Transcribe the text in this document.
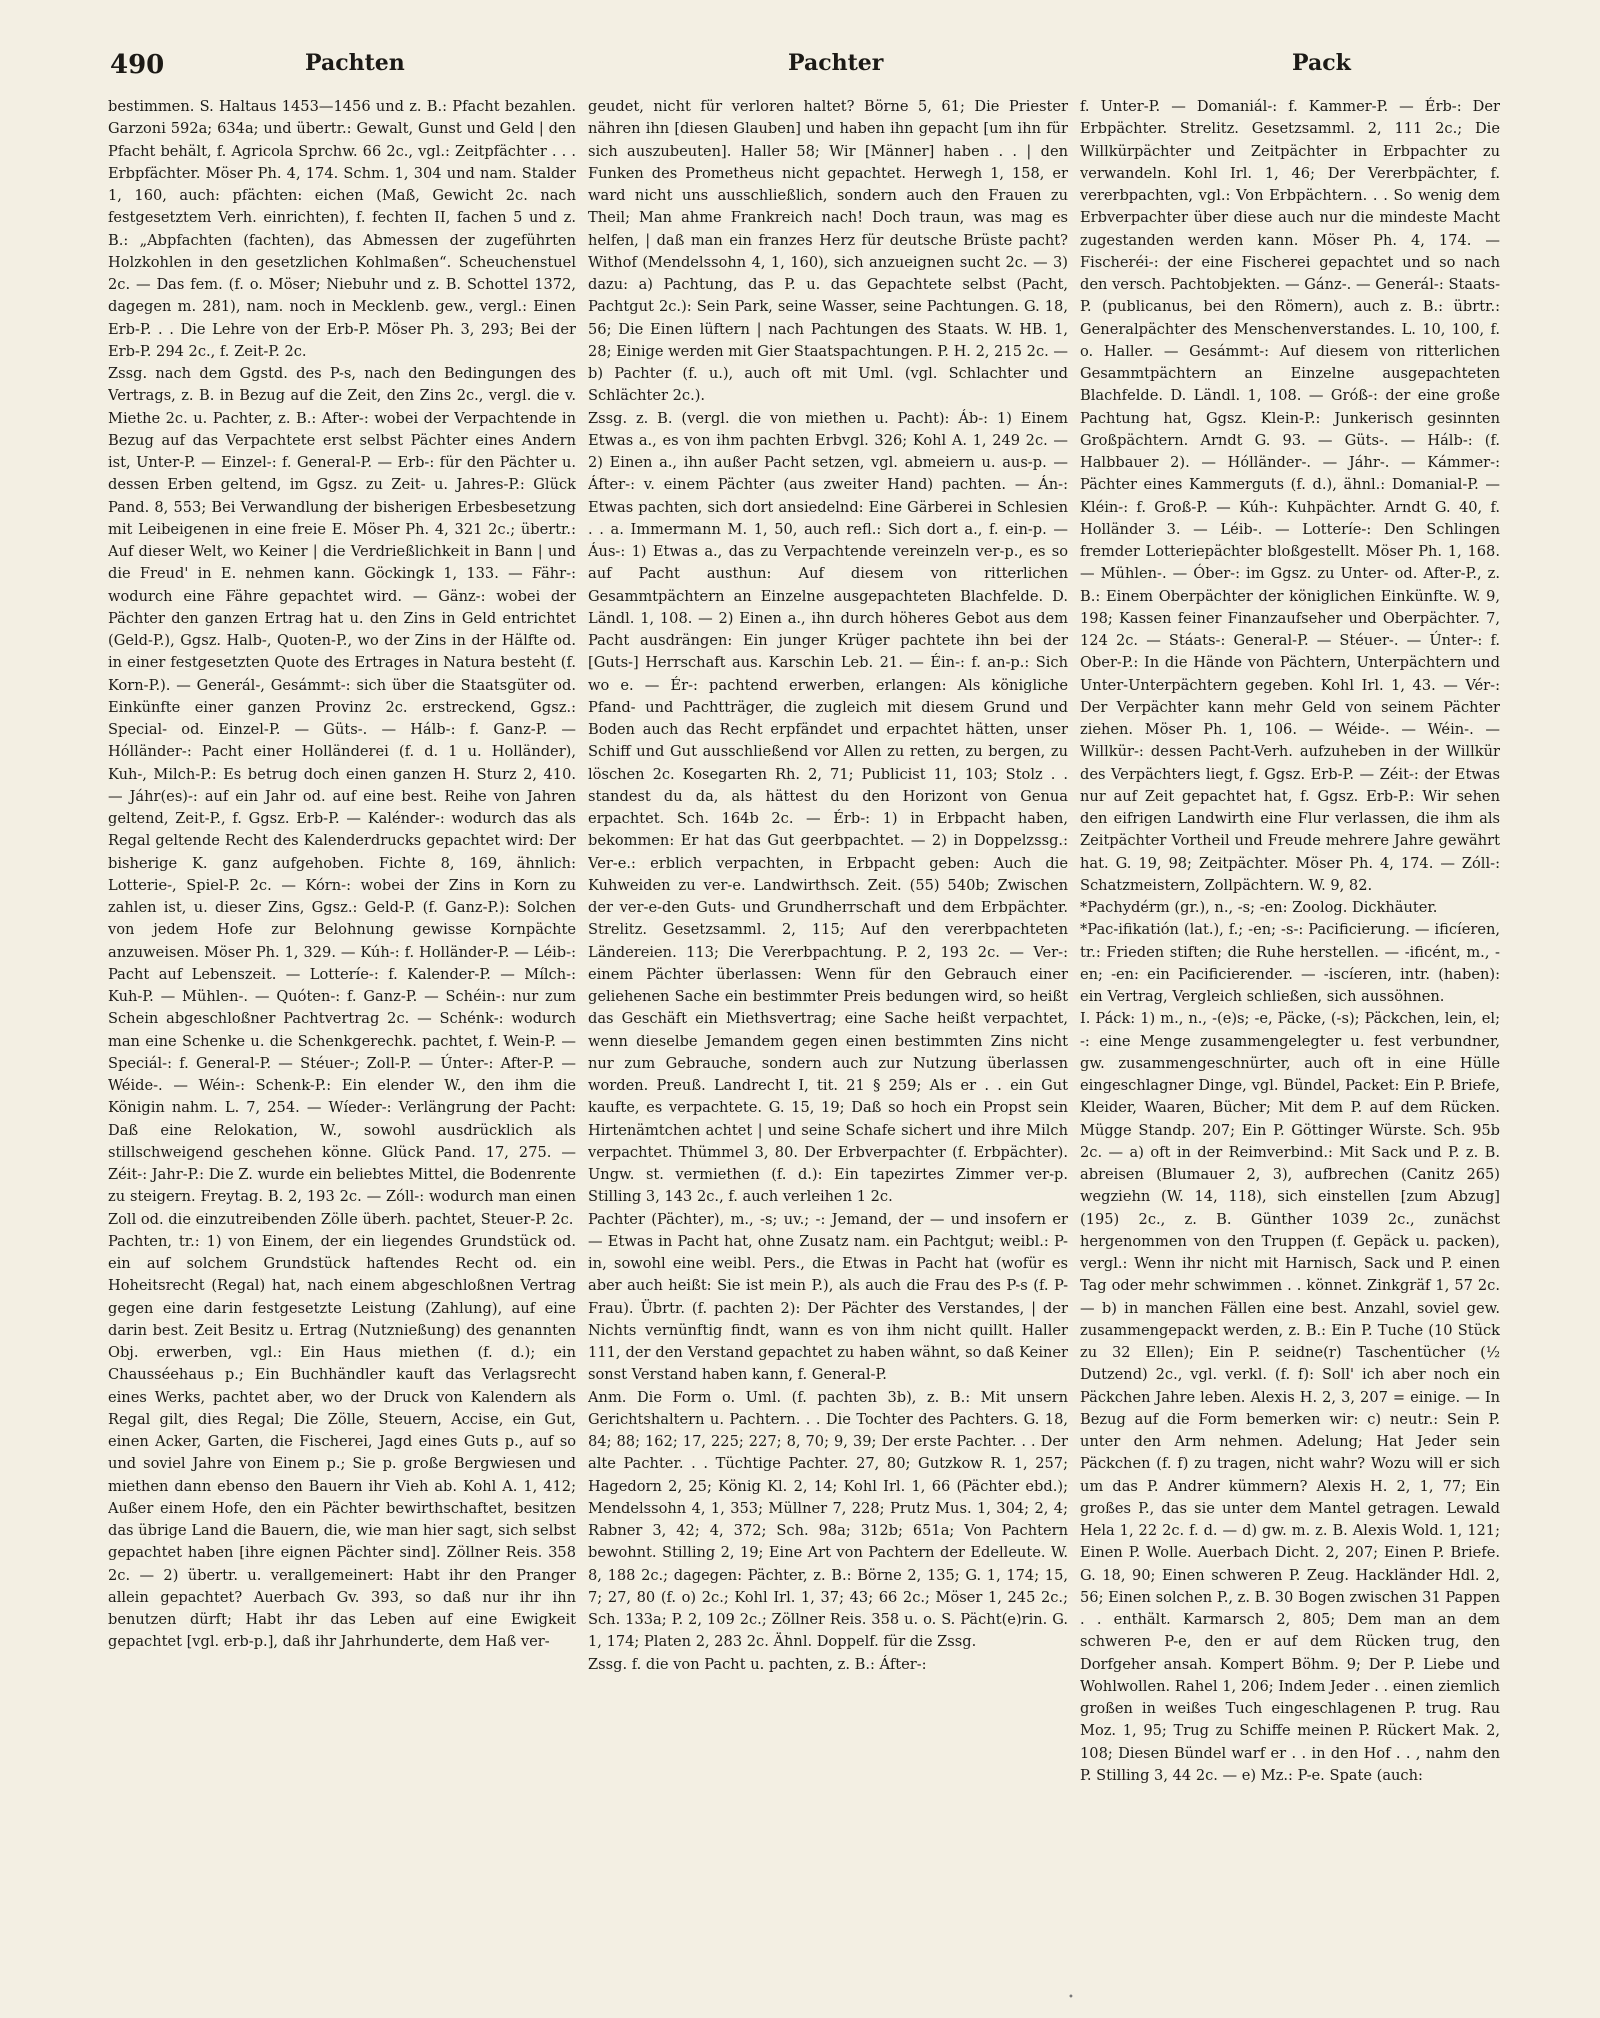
490	Pachten	Pachter	Pack

bestimmen. S. Haltaus 1453—1456 und z. B.: Pfacht bezahlen. Garzoni 592a; 634a; und übertr.: Gewalt, Gunst und Geld | den Pfacht behält, f. Agricola Sprchw. 66 2c., vgl.: Zeitpfächter . . . Erbpfächter. Möser Ph. 4, 174. Schm. 1, 304 und nam. Stalder 1, 160, auch: pfächten: eichen (Maß, Gewicht 2c. nach festgesetztem Verh. einrichten), f. fechten II, fachen 5 und z. B.: „Abpfachten (fachten), das Abmessen der zugeführten Holzkohlen in den gesetzlichen Kohlmaßen“. Scheuchenstuel 2c. — Das fem. (f. o. Möser; Niebuhr und z. B. Schottel 1372, dagegen m. 281), nam. noch in Mecklenb. gew., vergl.: Einen Erb-P. . . Die Lehre von der Erb-P. Möser Ph. 3, 293; Bei der Erb-P. 294 2c., f. Zeit-P. 2c.

Zssg. nach dem Ggstd. des P-s, nach den Bedingungen des Vertrags, z. B. in Bezug auf die Zeit, den Zins 2c., vergl. die v. Miethe 2c. u. Pachter, z. B.: After-: wobei der Verpachtende in Bezug auf das Verpachtete erst selbst Pächter eines Andern ist, Unter-P. — Einzel-: f. General-P. — Erb-: für den Pächter u. dessen Erben geltend, im Ggsz. zu Zeit- u. Jahres-P.: Glück Pand. 8, 553; Bei Verwandlung der bisherigen Erbesbesetzung mit Leibeigenen in eine freie E. Möser Ph. 4, 321 2c.; übertr.: Auf dieser Welt, wo Keiner | die Verdrießlichkeit in Bann | und die Freud' in E. nehmen kann. Göckingk 1, 133. — Fähr-: wodurch eine Fähre gepachtet wird. — Gänz-: wobei der Pächter den ganzen Ertrag hat u. den Zins in Geld entrichtet (Geld-P.), Ggsz. Halb-, Quoten-P., wo der Zins in der Hälfte od. in einer festgesetzten Quote des Ertrages in Natura besteht (f. Korn-P.). — Generál-, Gesámmt-: sich über die Staatsgüter od. Einkünfte einer ganzen Provinz 2c. erstreckend, Ggsz.: Special- od. Einzel-P. — Güts-. — Hálb-: f. Ganz-P. — Hólländer-: Pacht einer Holländerei (f. d. 1 u. Holländer), Kuh-, Milch-P.: Es betrug doch einen ganzen H. Sturz 2, 410. — Jáhr(es)-: auf ein Jahr od. auf eine best. Reihe von Jahren geltend, Zeit-P., f. Ggsz. Erb-P. — Kalénder-: wodurch das als Regal geltende Recht des Kalenderdrucks gepachtet wird: Der bisherige K. ganz aufgehoben. Fichte 8, 169, ähnlich: Lotterie-, Spiel-P. 2c. — Kórn-: wobei der Zins in Korn zu zahlen ist, u. dieser Zins, Ggsz.: Geld-P. (f. Ganz-P.): Solchen von jedem Hofe zur Belohnung gewisse Kornpächte anzuweisen. Möser Ph. 1, 329. — Kúh-: f. Holländer-P. — Léib-: Pacht auf Lebenszeit. — Lotteríe-: f. Kalender-P. — Mílch-: Kuh-P. — Mühlen-. — Quóten-: f. Ganz-P. — Schéin-: nur zum Schein abgeschloßner Pachtvertrag 2c. — Schénk-: wodurch man eine Schenke u. die Schenkgerechk. pachtet, f. Wein-P. — Speciál-: f. General-P. — Stéuer-; Zoll-P. — Únter-: After-P. — Wéide-. — Wéin-: Schenk-P.: Ein elender W., den ihm die Königin nahm. L. 7, 254. — Wíeder-: Verlängrung der Pacht: Daß eine Relokation, W., sowohl ausdrücklich als stillschweigend geschehen könne. Glück Pand. 17, 275. — Zéit-: Jahr-P.: Die Z. wurde ein beliebtes Mittel, die Bodenrente zu steigern. Freytag. B. 2, 193 2c. — Zóll-: wodurch man einen Zoll od. die einzutreibenden Zölle überh. pachtet, Steuer-P. 2c.

Pachten, tr.: 1) von Einem, der ein liegendes Grundstück od. ein auf solchem Grundstück haftendes Recht od. ein Hoheitsrecht (Regal) hat, nach einem abgeschloßnen Vertrag gegen eine darin festgesetzte Leistung (Zahlung), auf eine darin best. Zeit Besitz u. Ertrag (Nutznießung) des genannten Obj. erwerben, vgl.: Ein Haus miethen (f. d.); ein Chausséehaus p.; Ein Buchhändler kauft das Verlagsrecht eines Werks, pachtet aber, wo der Druck von Kalendern als Regal gilt, dies Regal; Die Zölle, Steuern, Accise, ein Gut, einen Acker, Garten, die Fischerei, Jagd eines Guts p., auf so und soviel Jahre von Einem p.; Sie p. große Bergwiesen und miethen dann ebenso den Bauern ihr Vieh ab. Kohl A. 1, 412; Außer einem Hofe, den ein Pächter bewirthschaftet, besitzen das übrige Land die Bauern, die, wie man hier sagt, sich selbst gepachtet haben [ihre eignen Pächter sind]. Zöllner Reis. 358 2c. — 2) übertr. u. verallgemeinert: Habt ihr den Pranger allein gepachtet? Auerbach Gv. 393, so daß nur ihr ihn benutzen dürft; Habt ihr das Leben auf eine Ewigkeit gepachtet [vgl. erb-p.], daß ihr Jahrhunderte, dem Haß ver-

geudet, nicht für verloren haltet? Börne 5, 61; Die Priester nähren ihn [diesen Glauben] und haben ihn gepacht [um ihn für sich auszubeuten]. Haller 58; Wir [Männer] haben . . | den Funken des Prometheus nicht gepachtet. Herwegh 1, 158, er ward nicht uns ausschließlich, sondern auch den Frauen zu Theil; Man ahme Frankreich nach! Doch traun, was mag es helfen, | daß man ein franzes Herz für deutsche Brüste pacht? Withof (Mendelssohn 4, 1, 160), sich anzueignen sucht 2c. — 3) dazu: a) Pachtung, das P. u. das Gepachtete selbst (Pacht, Pachtgut 2c.): Sein Park, seine Wasser, seine Pachtungen. G. 18, 56; Die Einen lüftern | nach Pachtungen des Staats. W. HB. 1, 28; Einige werden mit Gier Staatspachtungen. P. H. 2, 215 2c. — b) Pachter (f. u.), auch oft mit Uml. (vgl. Schlachter und Schlächter 2c.).

Zssg. z. B. (vergl. die von miethen u. Pacht): Áb-: 1) Einem Etwas a., es von ihm pachten Erbvgl. 326; Kohl A. 1, 249 2c. — 2) Einen a., ihn außer Pacht setzen, vgl. abmeiern u. aus-p. — Áfter-: v. einem Pächter (aus zweiter Hand) pachten. — Án-: Etwas pachten, sich dort ansiedelnd: Eine Gärberei in Schlesien . . a. Immermann M. 1, 50, auch refl.: Sich dort a., f. ein-p. — Áus-: 1) Etwas a., das zu Verpachtende vereinzeln ver-p., es so auf Pacht austhun: Auf diesem von ritterlichen Gesammtpächtern an Einzelne ausgepachteten Blachfelde. D. Ländl. 1, 108. — 2) Einen a., ihn durch höheres Gebot aus dem Pacht ausdrängen: Ein junger Krüger pachtete ihn bei der [Guts-] Herrschaft aus. Karschin Leb. 21. — Éin-: f. an-p.: Sich wo e. — Ér-: pachtend erwerben, erlangen: Als königliche Pfand- und Pachtträger, die zugleich mit diesem Grund und Boden auch das Recht erpfändet und erpachtet hätten, unser Schiff und Gut ausschließend vor Allen zu retten, zu bergen, zu löschen 2c. Kosegarten Rh. 2, 71; Publicist 11, 103; Stolz . . standest du da, als hättest du den Horizont von Genua erpachtet. Sch. 164b 2c. — Érb-: 1) in Erbpacht haben, bekommen: Er hat das Gut geerbpachtet. — 2) in Doppelzssg.: Ver-e.: erblich verpachten, in Erbpacht geben: Auch die Kuhweiden zu ver-e. Landwirthsch. Zeit. (55) 540b; Zwischen der ver-e-den Guts- und Grundherrschaft und dem Erbpächter. Strelitz. Gesetzsamml. 2, 115; Auf den vererbpachteten Ländereien. 113; Die Vererbpachtung. P. 2, 193 2c. — Ver-: einem Pächter überlassen: Wenn für den Gebrauch einer geliehenen Sache ein bestimmter Preis bedungen wird, so heißt das Geschäft ein Miethsvertrag; eine Sache heißt verpachtet, wenn dieselbe Jemandem gegen einen bestimmten Zins nicht nur zum Gebrauche, sondern auch zur Nutzung überlassen worden. Preuß. Landrecht I, tit. 21 § 259; Als er . . ein Gut kaufte, es verpachtete. G. 15, 19; Daß so hoch ein Propst sein Hirtenämtchen achtet | und seine Schafe sichert und ihre Milch verpachtet. Thümmel 3, 80. Der Erbverpachter (f. Erbpächter). Ungw. st. vermiethen (f. d.): Ein tapezirtes Zimmer ver-p. Stilling 3, 143 2c., f. auch verleihen 1 2c.

Pachter (Pächter), m., -s; uv.; -: Jemand, der — und insofern er — Etwas in Pacht hat, ohne Zusatz nam. ein Pachtgut; weibl.: P-in, sowohl eine weibl. Pers., die Etwas in Pacht hat (wofür es aber auch heißt: Sie ist mein P.), als auch die Frau des P-s (f. P-Frau). Übrtr. (f. pachten 2): Der Pächter des Verstandes, | der Nichts vernünftig findt, wann es von ihm nicht quillt. Haller 111, der den Verstand gepachtet zu haben wähnt, so daß Keiner sonst Verstand haben kann, f. General-P.

Anm. Die Form o. Uml. (f. pachten 3b), z. B.: Mit unsern Gerichtshaltern u. Pachtern. . . Die Tochter des Pachters. G. 18, 84; 88; 162; 17, 225; 227; 8, 70; 9, 39; Der erste Pachter. . . Der alte Pachter. . . Tüchtige Pachter. 27, 80; Gutzkow R. 1, 257; Hagedorn 2, 25; König Kl. 2, 14; Kohl Irl. 1, 66 (Pächter ebd.); Mendelssohn 4, 1, 353; Müllner 7, 228; Prutz Mus. 1, 304; 2, 4; Rabner 3, 42; 4, 372; Sch. 98a; 312b; 651a; Von Pachtern bewohnt. Stilling 2, 19; Eine Art von Pachtern der Edelleute. W. 8, 188 2c.; dagegen: Pächter, z. B.: Börne 2, 135; G. 1, 174; 15, 7; 27, 80 (f. o) 2c.; Kohl Irl. 1, 37; 43; 66 2c.; Möser 1, 245 2c.; Sch. 133a; P. 2, 109 2c.; Zöllner Reis. 358 u. o. S. Pächt(e)rin. G. 1, 174; Platen 2, 283 2c. Ähnl. Doppelf. für die Zssg.

Zssg. f. die von Pacht u. pachten, z. B.: Áfter-:

f. Unter-P. — Domaniál-: f. Kammer-P. — Érb-: Der Erbpächter. Strelitz. Gesetzsamml. 2, 111 2c.; Die Willkürpächter und Zeitpächter in Erbpachter zu verwandeln. Kohl Irl. 1, 46; Der Vererbpächter, f. vererbpachten, vgl.: Von Erbpächtern. . . So wenig dem Erbverpachter über diese auch nur die mindeste Macht zugestanden werden kann. Möser Ph. 4, 174. — Fischeréi-: der eine Fischerei gepachtet und so nach den versch. Pachtobjekten. — Gánz-. — Generál-: Staats-P. (publicanus, bei den Römern), auch z. B.: übrtr.: Generalpächter des Menschenverstandes. L. 10, 100, f. o. Haller. — Gesámmt-: Auf diesem von ritterlichen Gesammtpächtern an Einzelne ausgepachteten Blachfelde. D. Ländl. 1, 108. — Gróß-: der eine große Pachtung hat, Ggsz. Klein-P.: Junkerisch gesinnten Großpächtern. Arndt G. 93. — Güts-. — Hálb-: (f. Halbbauer 2). — Hólländer-. — Jáhr-. — Kámmer-: Pächter eines Kammerguts (f. d.), ähnl.: Domanial-P. — Kléin-: f. Groß-P. — Kúh-: Kuhpächter. Arndt G. 40, f. Holländer 3. — Léib-. — Lotteríe-: Den Schlingen fremder Lotteriepächter bloßgestellt. Möser Ph. 1, 168. — Mühlen-. — Óber-: im Ggsz. zu Unter- od. After-P., z. B.: Einem Oberpächter der königlichen Einkünfte. W. 9, 198; Kassen feiner Finanzaufseher und Oberpächter. 7, 124 2c. — Stáats-: General-P. — Stéuer-. — Únter-: f. Ober-P.: In die Hände von Pächtern, Unterpächtern und Unter-Unterpächtern gegeben. Kohl Irl. 1, 43. — Vér-: Der Verpächter kann mehr Geld von seinem Pächter ziehen. Möser Ph. 1, 106. — Wéide-. — Wéin-. — Willkür-: dessen Pacht-Verh. aufzuheben in der Willkür des Verpächters liegt, f. Ggsz. Erb-P. — Zéit-: der Etwas nur auf Zeit gepachtet hat, f. Ggsz. Erb-P.: Wir sehen den eifrigen Landwirth eine Flur verlassen, die ihm als Zeitpächter Vortheil und Freude mehrere Jahre gewährt hat. G. 19, 98; Zeitpächter. Möser Ph. 4, 174. — Zóll-: Schatzmeistern, Zollpächtern. W. 9, 82.

*Pachydérm (gr.), n., -s; -en: Zoolog. Dickhäuter.

*Pac-ifikatión (lat.), f.; -en; -s-: Pacificierung. — ificíeren, tr.: Frieden stiften; die Ruhe herstellen. — -ificént, m., -en; -en: ein Pacificierender. — -iscíeren, intr. (haben): ein Vertrag, Vergleich schließen, sich aussöhnen.

I. Páck: 1) m., n., -(e)s; -e, Päcke, (-s); Päckchen, lein, el; -: eine Menge zusammengelegter u. fest verbundner, gw. zusammengeschnürter, auch oft in eine Hülle eingeschlagner Dinge, vgl. Bündel, Packet: Ein P. Briefe, Kleider, Waaren, Bücher; Mit dem P. auf dem Rücken. Mügge Standp. 207; Ein P. Göttinger Würste. Sch. 95b 2c. — a) oft in der Reimverbind.: Mit Sack und P. z. B. abreisen (Blumauer 2, 3), aufbrechen (Canitz 265) wegziehn (W. 14, 118), sich einstellen [zum Abzug] (195) 2c., z. B. Günther 1039 2c., zunächst hergenommen von den Truppen (f. Gepäck u. packen), vergl.: Wenn ihr nicht mit Harnisch, Sack und P. einen Tag oder mehr schwimmen . . könnet. Zinkgräf 1, 57 2c. — b) in manchen Fällen eine best. Anzahl, soviel gew. zusammengepackt werden, z. B.: Ein P. Tuche (10 Stück zu 32 Ellen); Ein P. seidne(r) Taschentücher (½ Dutzend) 2c., vgl. verkl. (f. f): Soll' ich aber noch ein Päckchen Jahre leben. Alexis H. 2, 3, 207 = einige. — In Bezug auf die Form bemerken wir: c) neutr.: Sein P. unter den Arm nehmen. Adelung; Hat Jeder sein Päckchen (f. f) zu tragen, nicht wahr? Wozu will er sich um das P. Andrer kümmern? Alexis H. 2, 1, 77; Ein großes P., das sie unter dem Mantel getragen. Lewald Hela 1, 22 2c. f. d. — d) gw. m. z. B. Alexis Wold. 1, 121; Einen P. Wolle. Auerbach Dicht. 2, 207; Einen P. Briefe. G. 18, 90; Einen schweren P. Zeug. Hackländer Hdl. 2, 56; Einen solchen P., z. B. 30 Bogen zwischen 31 Pappen . . enthält. Karmarsch 2, 805; Dem man an dem schweren P-e, den er auf dem Rücken trug, den Dorfgeher ansah. Kompert Böhm. 9; Der P. Liebe und Wohlwollen. Rahel 1, 206; Indem Jeder . . einen ziemlich großen in weißes Tuch eingeschlagenen P. trug. Rau Moz. 1, 95; Trug zu Schiffe meinen P. Rückert Mak. 2, 108; Diesen Bündel warf er . . in den Hof . . , nahm den P. Stilling 3, 44 2c. — e) Mz.: P-e. Spate (auch:

•
